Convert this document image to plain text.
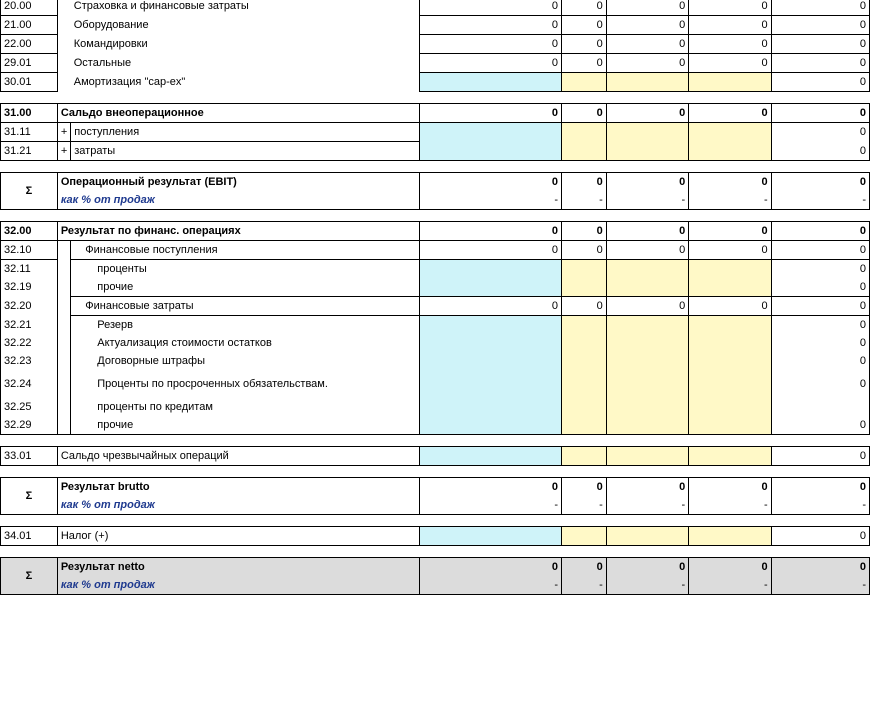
20.00		Страховка и финансовые затраты	0	0	0	0	0
21.00		Оборудование	0	0	0	0	0
22.00		Командировки	0	0	0	0	0
29.01		Остальные	0	0	0	0	0
30.01		Амортизация "cap-ex"					0

31.00	Сальдо внеоперационное		0	0	0	0	0
31.11	+	поступления					0
31.21	+	затраты					0

Σ	Операционный результат (EBIT)		0	0	0	0	0
	как % от продаж		-	-	-	-	-

32.00	Результат по финанс. операциях		0	0	0	0	0
32.10		Финансовые поступления	0	0	0	0	0
32.11		проценты					0
32.19		прочие					0
32.20		Финансовые затраты	0	0	0	0	0
32.21		Резерв					0
32.22		Актуализация стоимости остатков					0
32.23		Договорные штрафы					0
32.24		Проценты по просроченных обязательствам.					0
32.25		проценты по кредитам					
32.29		прочие					0

33.01	Сальдо чрезвычайных операций						0

Σ	Результат brutto		0	0	0	0	0
	как % от продаж		-	-	-	-	-

34.01	Налог (+)						0

Σ	Результат netto		0	0	0	0	0
	как % от продаж		-	-	-	-	-
